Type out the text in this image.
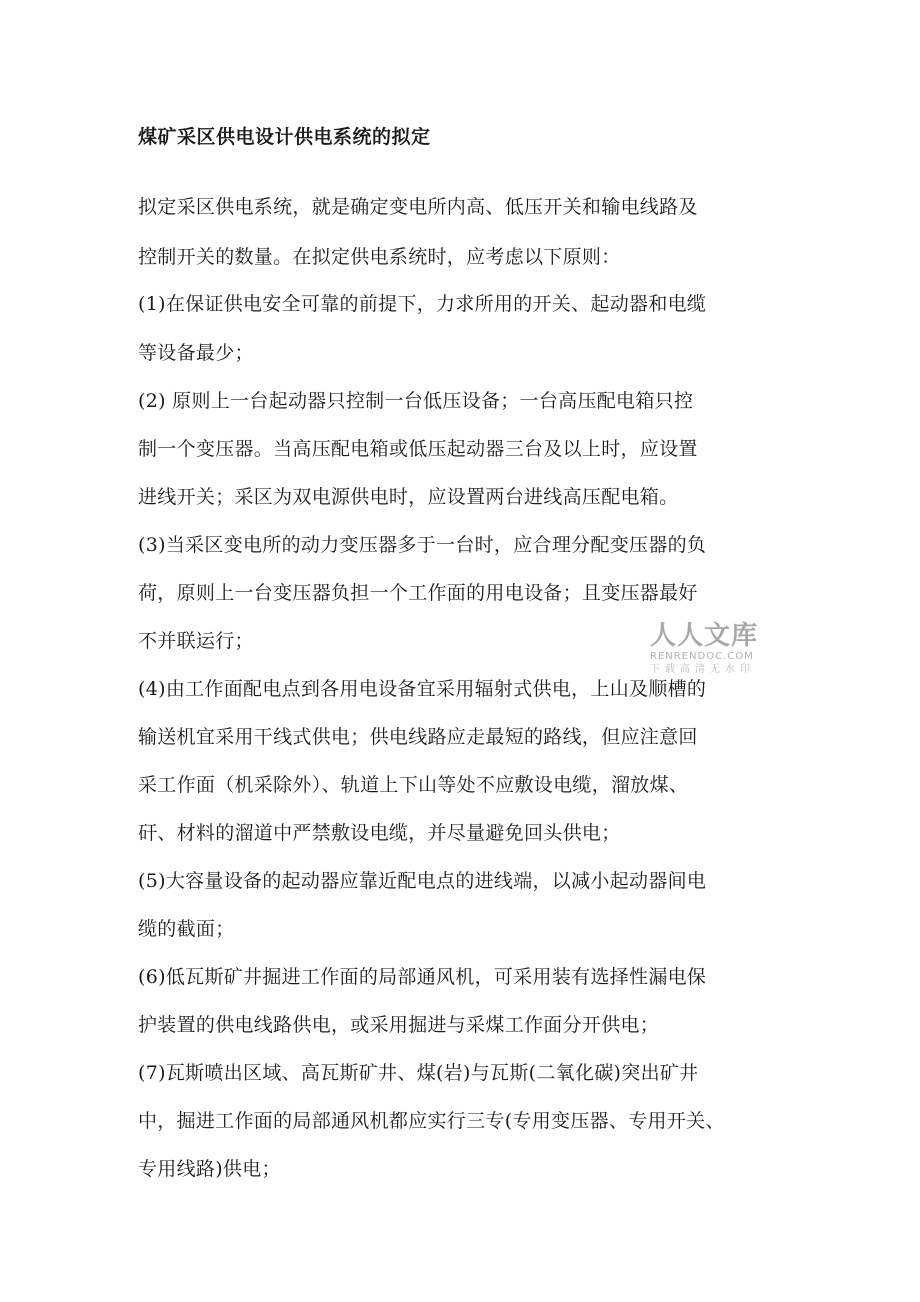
煤矿采区供电设计供电系统的拟定

拟定采区供电系统，就是确定变电所内高、低压开关和输电线路及

控制开关的数量。在拟定供电系统时，应考虑以下原则：

(1)在保证供电安全可靠的前提下，力求所用的开关、起动器和电缆

等设备最少；

(2) 原则上一台起动器只控制一台低压设备；一台高压配电箱只控

制一个变压器。当高压配电箱或低压起动器三台及以上时，应设置

进线开关；采区为双电源供电时，应设置两台进线高压配电箱。

(3)当采区变电所的动力变压器多于一台时，应合理分配变压器的负

荷，原则上一台变压器负担一个工作面的用电设备；且变压器最好

不并联运行；

(4)由工作面配电点到各用电设备宜采用辐射式供电，上山及顺槽的

输送机宜采用干线式供电；供电线路应走最短的路线，但应注意回

采工作面（机采除外）、轨道上下山等处不应敷设电缆，溜放煤、

矸、材料的溜道中严禁敷设电缆，并尽量避免回头供电；

(5)大容量设备的起动器应靠近配电点的进线端，以减小起动器间电

缆的截面；

(6)低瓦斯矿井掘进工作面的局部通风机，可采用装有选择性漏电保

护装置的供电线路供电，或采用掘进与采煤工作面分开供电；

(7)瓦斯喷出区域、高瓦斯矿井、煤(岩)与瓦斯(二氧化碳)突出矿井

中，掘进工作面的局部通风机都应实行三专(专用变压器、专用开关、

专用线路)供电；

人人文库
RENRENDOC.COM
下载高清无水印
